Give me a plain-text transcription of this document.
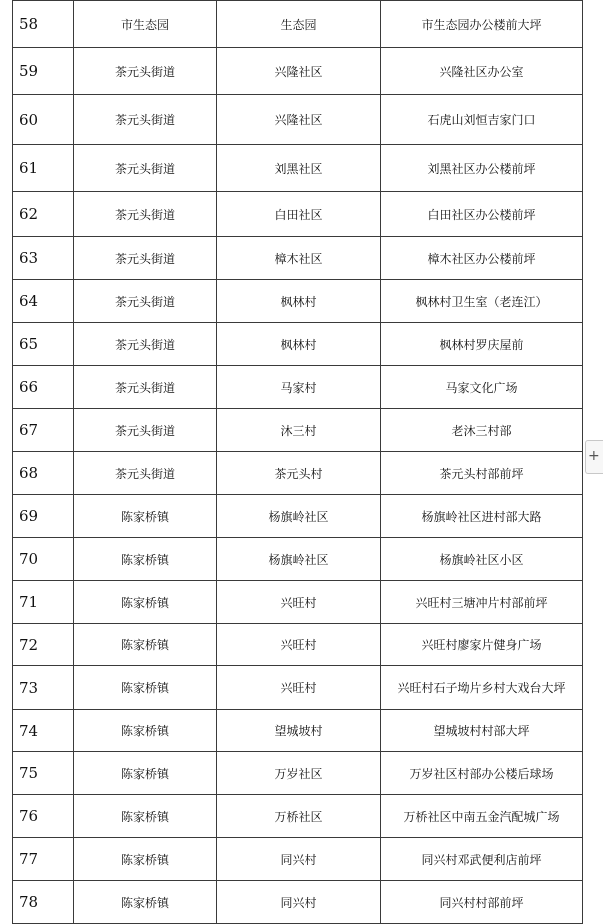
58	市生态园	生态园	市生态园办公楼前大坪
59	茶元头街道	兴隆社区	兴隆社区办公室
60	茶元头街道	兴隆社区	石虎山刘恒吉家门口
61	茶元头街道	刘黑社区	刘黑社区办公楼前坪
62	茶元头街道	白田社区	白田社区办公楼前坪
63	茶元头街道	樟木社区	樟木社区办公楼前坪
64	茶元头街道	枫林村	枫林村卫生室（老连江）
65	茶元头街道	枫林村	枫林村罗庆屋前
66	茶元头街道	马家村	马家文化广场
67	茶元头街道	沐三村	老沐三村部
68	茶元头街道	茶元头村	茶元头村部前坪
69	陈家桥镇	杨旗岭社区	杨旗岭社区进村部大路
70	陈家桥镇	杨旗岭社区	杨旗岭社区小区
71	陈家桥镇	兴旺村	兴旺村三塘冲片村部前坪
72	陈家桥镇	兴旺村	兴旺村廖家片健身广场
73	陈家桥镇	兴旺村	兴旺村石子坳片乡村大戏台大坪
74	陈家桥镇	望城坡村	望城坡村村部大坪
75	陈家桥镇	万岁社区	万岁社区村部办公楼后球场
76	陈家桥镇	万桥社区	万桥社区中南五金汽配城广场
77	陈家桥镇	同兴村	同兴村邓武便利店前坪
78	陈家桥镇	同兴村	同兴村村部前坪
+
